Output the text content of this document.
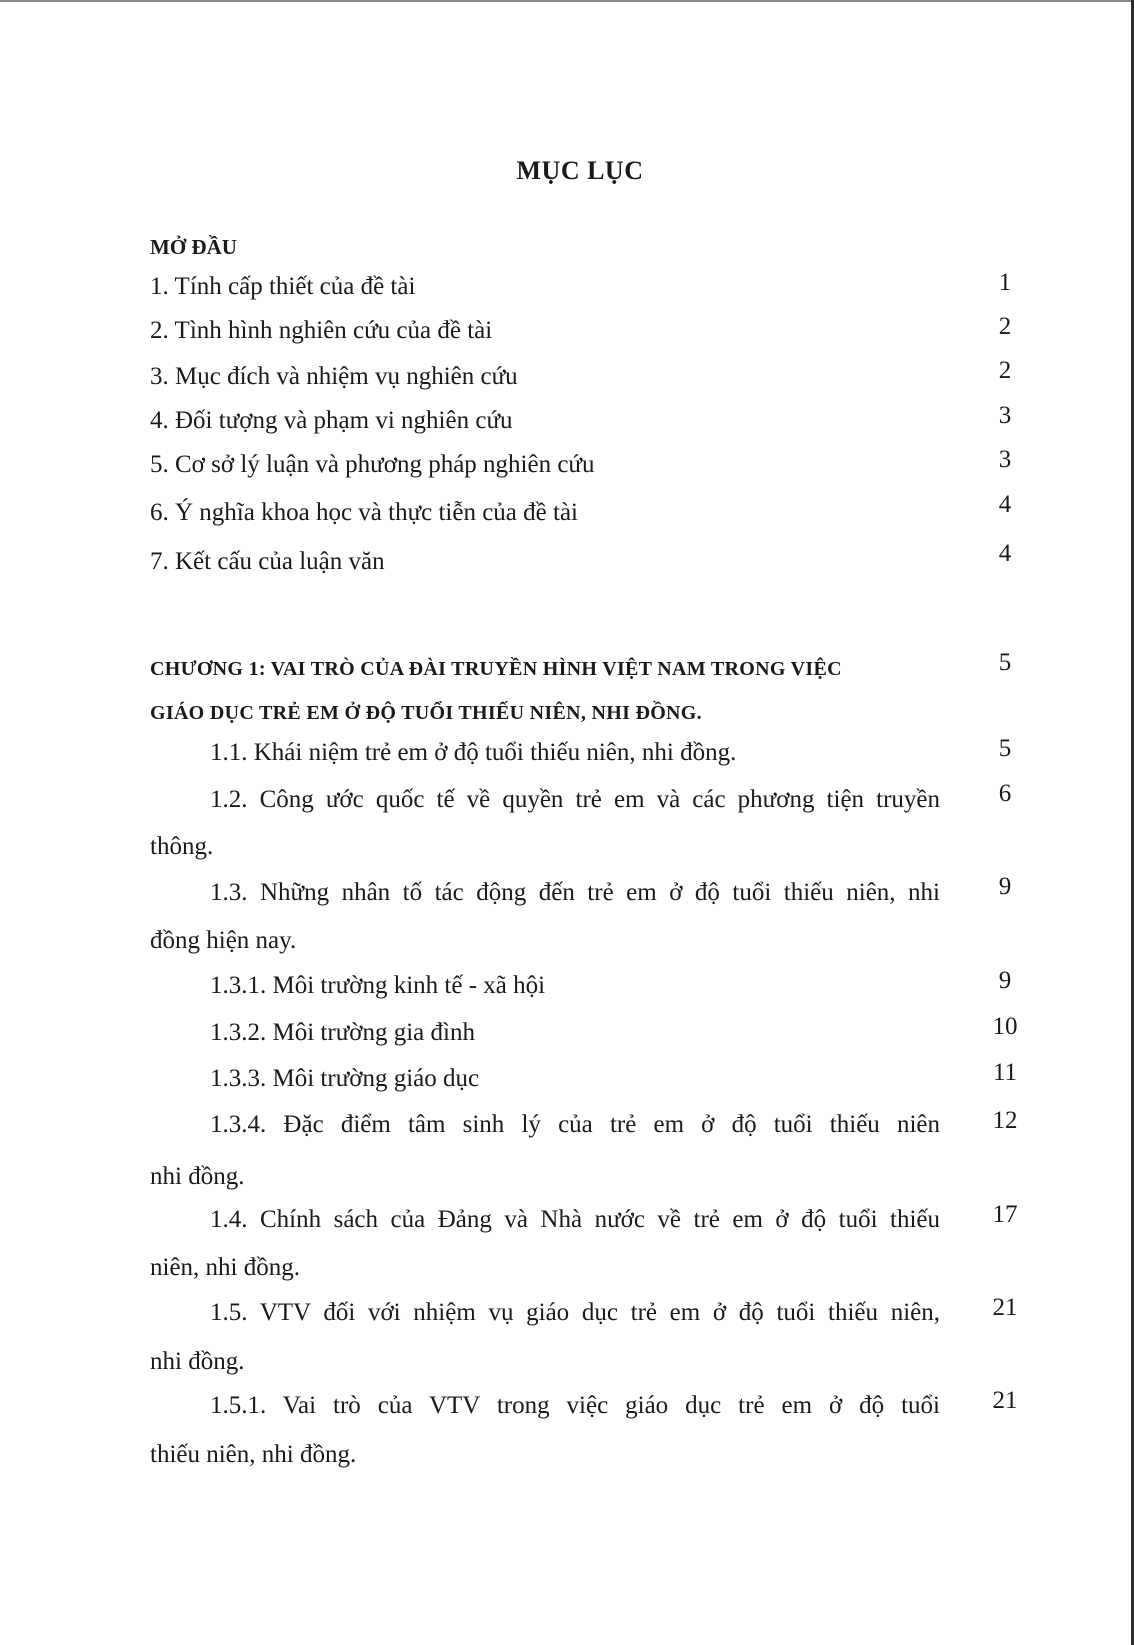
MỤC LỤC
MỞ ĐẦU
1. Tính cấp thiết của đề tài	1
2. Tình hình nghiên cứu của đề tài	2
3. Mục đích và nhiệm vụ nghiên cứu	2
4. Đối tượng và phạm vi nghiên cứu	3
5. Cơ sở lý luận và phương pháp nghiên cứu	3
6. Ý nghĩa khoa học và thực tiễn của đề tài	4
7. Kết cấu của luận văn	4
CHƯƠNG 1: VAI TRÒ CỦA ĐÀI TRUYỀN HÌNH VIỆT NAM TRONG VIỆC	5
GIÁO DỤC TRẺ EM Ở ĐỘ TUỔI THIẾU NIÊN, NHI ĐỒNG.
1.1. Khái niệm trẻ em ở độ tuổi thiếu niên, nhi đồng.	5
1.2. Công ước quốc tế về quyền trẻ em và các phương tiện truyền	6
thông.
1.3. Những nhân tố tác động đến trẻ em ở độ tuổi thiếu niên, nhi	9
đồng hiện nay.
1.3.1. Môi trường kinh tế - xã hội	9
1.3.2. Môi trường gia đình	10
1.3.3. Môi trường giáo dục	11
1.3.4. Đặc điểm tâm sinh lý của trẻ em ở độ tuổi thiếu niên	12
nhi đồng.
1.4. Chính sách của Đảng và Nhà nước về trẻ em ở độ tuổi thiếu	17
niên, nhi đồng.
1.5. VTV đối với nhiệm vụ giáo dục trẻ em ở độ tuổi thiếu niên,	21
nhi đồng.
1.5.1. Vai trò của VTV trong việc giáo dục trẻ em ở độ tuổi	21
thiếu niên, nhi đồng.
